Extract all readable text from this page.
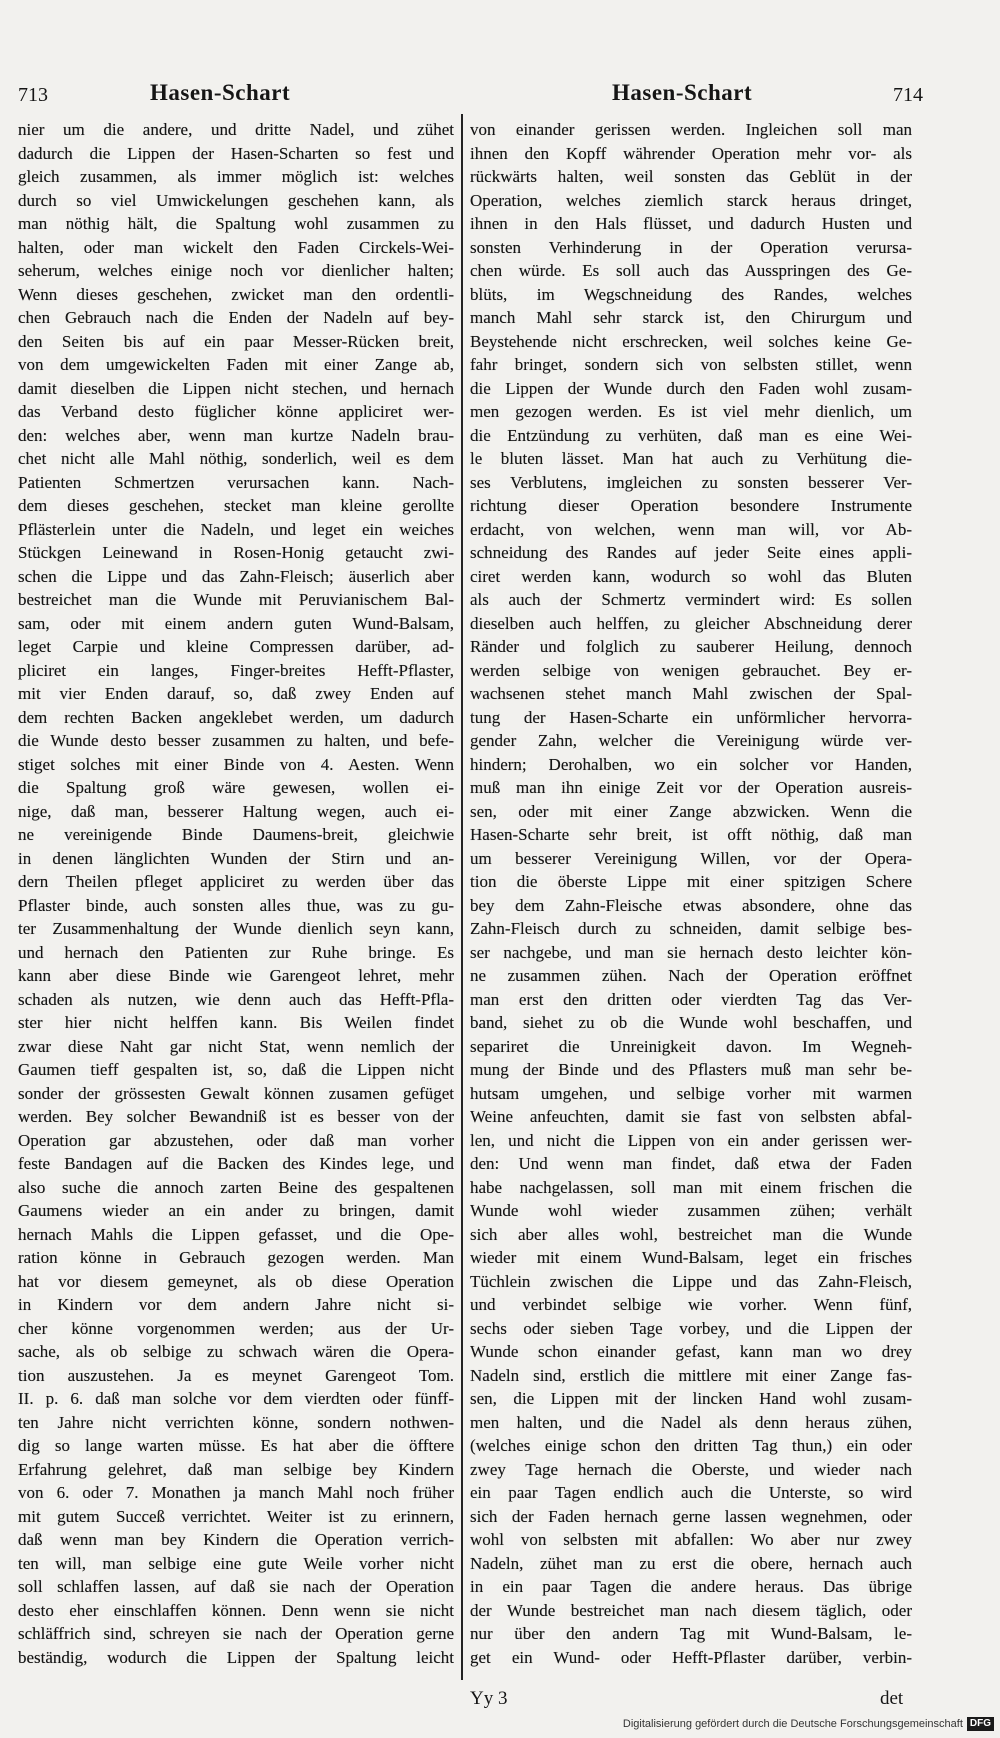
713	Hasen-Schart	Hasen-Schart	714
nier um die andere, und dritte Nadel, und zühet
dadurch die Lippen der Hasen-Scharten so fest und
gleich zusammen, als immer möglich ist: welches
durch so viel Umwickelungen geschehen kann, als
man nöthig hält, die Spaltung wohl zusammen zu
halten, oder man wickelt den Faden Circkels-Wei-
seherum, welches einige noch vor dienlicher halten;
Wenn dieses geschehen, zwicket man den ordentli-
chen Gebrauch nach die Enden der Nadeln auf bey-
den Seiten bis auf ein paar Messer-Rücken breit,
von dem umgewickelten Faden mit einer Zange ab,
damit dieselben die Lippen nicht stechen, und hernach
das Verband desto füglicher könne appliciret wer-
den: welches aber, wenn man kurtze Nadeln brau-
chet nicht alle Mahl nöthig, sonderlich, weil es dem
Patienten Schmertzen verursachen kann. Nach-
dem dieses geschehen, stecket man kleine gerollte
Pflästerlein unter die Nadeln, und leget ein weiches
Stückgen Leinewand in Rosen-Honig getaucht zwi-
schen die Lippe und das Zahn-Fleisch; äuserlich aber
bestreichet man die Wunde mit Peruvianischem Bal-
sam, oder mit einem andern guten Wund-Balsam,
leget Carpie und kleine Compressen darüber, ad-
pliciret ein langes, Finger-breites Hefft-Pflaster,
mit vier Enden darauf, so, daß zwey Enden auf
dem rechten Backen angeklebet werden, um dadurch
die Wunde desto besser zusammen zu halten, und befe-
stiget solches mit einer Binde von 4. Aesten. Wenn
die Spaltung groß wäre gewesen, wollen ei-
nige, daß man, besserer Haltung wegen, auch ei-
ne vereinigende Binde Daumens-breit, gleichwie
in denen länglichten Wunden der Stirn und an-
dern Theilen pfleget appliciret zu werden über das
Pflaster binde, auch sonsten alles thue, was zu gu-
ter Zusammenhaltung der Wunde dienlich seyn kann,
und hernach den Patienten zur Ruhe bringe. Es
kann aber diese Binde wie Garengeot lehret, mehr
schaden als nutzen, wie denn auch das Hefft-Pfla-
ster hier nicht helffen kann. Bis Weilen findet
zwar diese Naht gar nicht Stat, wenn nemlich der
Gaumen tieff gespalten ist, so, daß die Lippen nicht
sonder der grössesten Gewalt können zusamen gefüget
werden. Bey solcher Bewandniß ist es besser von der
Operation gar abzustehen, oder daß man vorher
feste Bandagen auf die Backen des Kindes lege, und
also suche die annoch zarten Beine des gespaltenen
Gaumens wieder an ein ander zu bringen, damit
hernach Mahls die Lippen gefasset, und die Ope-
ration könne in Gebrauch gezogen werden. Man
hat vor diesem gemeynet, als ob diese Operation
in Kindern vor dem andern Jahre nicht si-
cher könne vorgenommen werden; aus der Ur-
sache, als ob selbige zu schwach wären die Opera-
tion auszustehen. Ja es meynet Garengeot Tom.
II. p. 6. daß man solche vor dem vierdten oder fünff-
ten Jahre nicht verrichten könne, sondern nothwen-
dig so lange warten müsse. Es hat aber die öfftere
Erfahrung gelehret, daß man selbige bey Kindern
von 6. oder 7. Monathen ja manch Mahl noch früher
mit gutem Succeß verrichtet. Weiter ist zu erinnern,
daß wenn man bey Kindern die Operation verrich-
ten will, man selbige eine gute Weile vorher nicht
soll schlaffen lassen, auf daß sie nach der Operation
desto eher einschlaffen können. Denn wenn sie nicht
schläffrich sind, schreyen sie nach der Operation gerne
beständig, wodurch die Lippen der Spaltung leicht
von einander gerissen werden. Ingleichen soll man
ihnen den Kopff währender Operation mehr vor- als
rückwärts halten, weil sonsten das Geblüt in der
Operation, welches ziemlich starck heraus dringet,
ihnen in den Hals flüsset, und dadurch Husten und
sonsten Verhinderung in der Operation verursa-
chen würde. Es soll auch das Ausspringen des Ge-
blüts, im Wegschneidung des Randes, welches
manch Mahl sehr starck ist, den Chirurgum und
Beystehende nicht erschrecken, weil solches keine Ge-
fahr bringet, sondern sich von selbsten stillet, wenn
die Lippen der Wunde durch den Faden wohl zusam-
men gezogen werden. Es ist viel mehr dienlich, um
die Entzündung zu verhüten, daß man es eine Wei-
le bluten lässet. Man hat auch zu Verhütung die-
ses Verblutens, imgleichen zu sonsten besserer Ver-
richtung dieser Operation besondere Instrumente
erdacht, von welchen, wenn man will, vor Ab-
schneidung des Randes auf jeder Seite eines appli-
ciret werden kann, wodurch so wohl das Bluten
als auch der Schmertz vermindert wird: Es sollen
dieselben auch helffen, zu gleicher Abschneidung derer
Ränder und folglich zu sauberer Heilung, dennoch
werden selbige von wenigen gebrauchet. Bey er-
wachsenen stehet manch Mahl zwischen der Spal-
tung der Hasen-Scharte ein unförmlicher hervorra-
gender Zahn, welcher die Vereinigung würde ver-
hindern; Derohalben, wo ein solcher vor Handen,
muß man ihn einige Zeit vor der Operation ausreis-
sen, oder mit einer Zange abzwicken. Wenn die
Hasen-Scharte sehr breit, ist offt nöthig, daß man
um besserer Vereinigung Willen, vor der Opera-
tion die öberste Lippe mit einer spitzigen Schere
bey dem Zahn-Fleische etwas absondere, ohne das
Zahn-Fleisch durch zu schneiden, damit selbige bes-
ser nachgebe, und man sie hernach desto leichter kön-
ne zusammen zühen. Nach der Operation eröffnet
man erst den dritten oder vierdten Tag das Ver-
band, siehet zu ob die Wunde wohl beschaffen, und
separiret die Unreinigkeit davon. Im Wegneh-
mung der Binde und des Pflasters muß man sehr be-
hutsam umgehen, und selbige vorher mit warmen
Weine anfeuchten, damit sie fast von selbsten abfal-
len, und nicht die Lippen von ein ander gerissen wer-
den: Und wenn man findet, daß etwa der Faden
habe nachgelassen, soll man mit einem frischen die
Wunde wohl wieder zusammen zühen; verhält
sich aber alles wohl, bestreichet man die Wunde
wieder mit einem Wund-Balsam, leget ein frisches
Tüchlein zwischen die Lippe und das Zahn-Fleisch,
und verbindet selbige wie vorher. Wenn fünf,
sechs oder sieben Tage vorbey, und die Lippen der
Wunde schon einander gefast, kann man wo drey
Nadeln sind, erstlich die mittlere mit einer Zange fas-
sen, die Lippen mit der lincken Hand wohl zusam-
men halten, und die Nadel als denn heraus zühen,
(welches einige schon den dritten Tag thun,) ein oder
zwey Tage hernach die Oberste, und wieder nach
ein paar Tagen endlich auch die Unterste, so wird
sich der Faden hernach gerne lassen wegnehmen, oder
wohl von selbsten mit abfallen: Wo aber nur zwey
Nadeln, zühet man zu erst die obere, hernach auch
in ein paar Tagen die andere heraus. Das übrige
der Wunde bestreichet man nach diesem täglich, oder
nur über den andern Tag mit Wund-Balsam, le-
get ein Wund- oder Hefft-Pflaster darüber, verbin-
Yy 3	det
Digitalisierung gefördert durch die Deutsche Forschungsgemeinschaft DFG
